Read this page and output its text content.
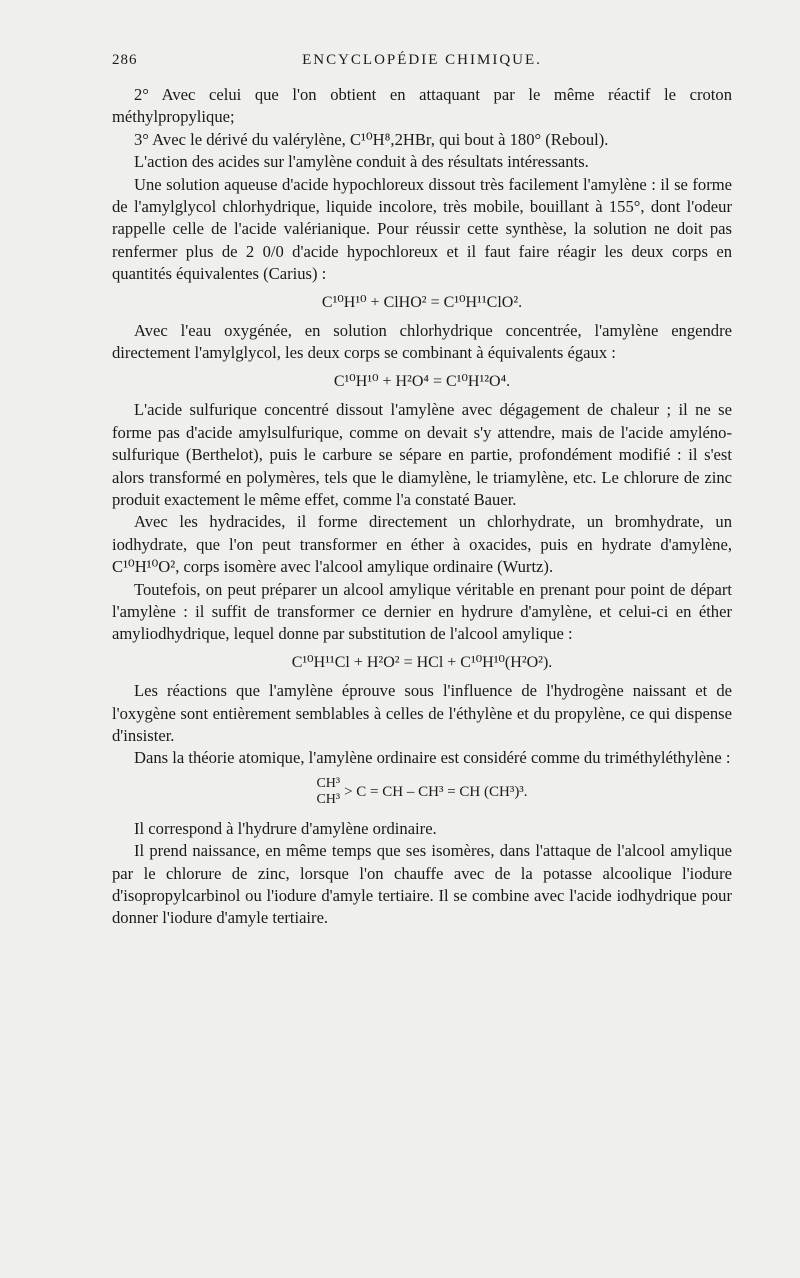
286	ENCYCLOPÉDIE CHIMIQUE.

2° Avec celui que l'on obtient en attaquant par le même réactif le croton méthylpropylique;

3° Avec le dérivé du valérylène, C¹⁰H⁸,2HBr, qui bout à 180° (Reboul).

L'action des acides sur l'amylène conduit à des résultats intéressants.

Une solution aqueuse d'acide hypochloreux dissout très facilement l'amylène : il se forme de l'amylglycol chlorhydrique, liquide incolore, très mobile, bouillant à 155°, dont l'odeur rappelle celle de l'acide valérianique. Pour réussir cette synthèse, la solution ne doit pas renfermer plus de 2 0/0 d'acide hypochloreux et il faut faire réagir les deux corps en quantités équivalentes (Carius) :

C¹⁰H¹⁰ + ClHO² = C¹⁰H¹¹ClO².

Avec l'eau oxygénée, en solution chlorhydrique concentrée, l'amylène engendre directement l'amylglycol, les deux corps se combinant à équivalents égaux :

C¹⁰H¹⁰ + H²O⁴ = C¹⁰H¹²O⁴.

L'acide sulfurique concentré dissout l'amylène avec dégagement de chaleur ; il ne se forme pas d'acide amylsulfurique, comme on devait s'y attendre, mais de l'acide amyléno-sulfurique (Berthelot), puis le carbure se sépare en partie, profondément modifié : il s'est alors transformé en polymères, tels que le diamylène, le triamylène, etc. Le chlorure de zinc produit exactement le même effet, comme l'a constaté Bauer.

Avec les hydracides, il forme directement un chlorhydrate, un bromhydrate, un iodhydrate, que l'on peut transformer en éther à oxacides, puis en hydrate d'amylène, C¹⁰H¹⁰O², corps isomère avec l'alcool amylique ordinaire (Wurtz).

Toutefois, on peut préparer un alcool amylique véritable en prenant pour point de départ l'amylène : il suffit de transformer ce dernier en hydrure d'amylène, et celui-ci en éther amyliodhydrique, lequel donne par substitution de l'alcool amylique :

C¹⁰H¹¹Cl + H²O² = HCl + C¹⁰H¹⁰(H²O²).

Les réactions que l'amylène éprouve sous l'influence de l'hydrogène naissant et de l'oxygène sont entièrement semblables à celles de l'éthylène et du propylène, ce qui dispense d'insister.

Dans la théorie atomique, l'amylène ordinaire est considéré comme du triméthyléthylène :

CH³
CH³ > C = CH – CH³ = CH (CH³)³.

Il correspond à l'hydrure d'amylène ordinaire.

Il prend naissance, en même temps que ses isomères, dans l'attaque de l'alcool amylique par le chlorure de zinc, lorsque l'on chauffe avec de la potasse alcoolique l'iodure d'isopropylcarbinol ou l'iodure d'amyle tertiaire. Il se combine avec l'acide iodhydrique pour donner l'iodure d'amyle tertiaire.
